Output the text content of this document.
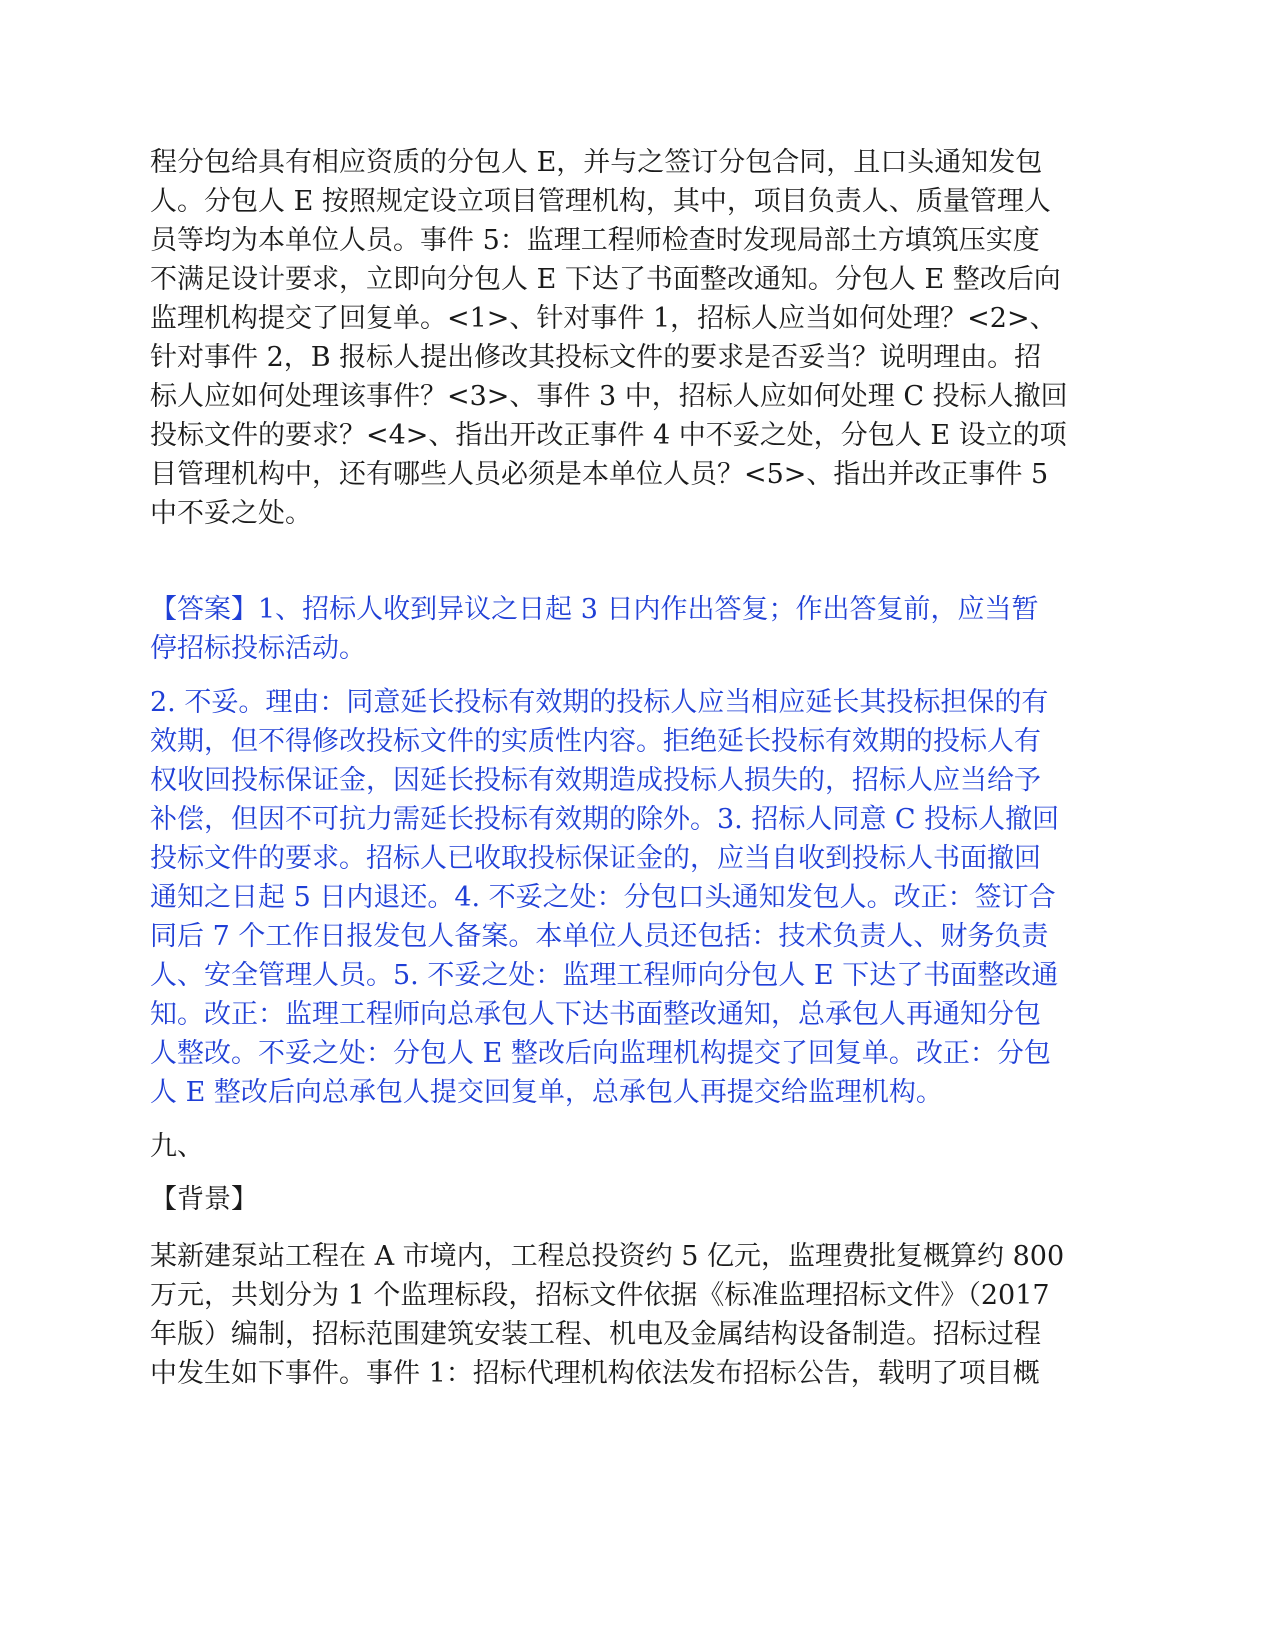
程分包给具有相应资质的分包人 E，并与之签订分包合同，且口头通知发包
人。分包人 E 按照规定设立项目管理机构，其中，项目负责人、质量管理人
员等均为本单位人员。事件 5：监理工程师检查时发现局部土方填筑压实度
不满足设计要求，立即向分包人 E 下达了书面整改通知。分包人 E 整改后向
监理机构提交了回复单。<1>、针对事件 1，招标人应当如何处理？<2>、
针对事件 2，B 报标人提出修改其投标文件的要求是否妥当？说明理由。招
标人应如何处理该事件？<3>、事件 3 中，招标人应如何处理 C 投标人撤回
投标文件的要求？<4>、指出开改正事件 4 中不妥之处，分包人 E 设立的项
目管理机构中，还有哪些人员必须是本单位人员？<5>、指出并改正事件 5
中不妥之处。
【答案】1、招标人收到异议之日起 3 日内作出答复；作出答复前，应当暂
停招标投标活动。
2. 不妥。理由：同意延长投标有效期的投标人应当相应延长其投标担保的有
效期，但不得修改投标文件的实质性内容。拒绝延长投标有效期的投标人有
权收回投标保证金，因延长投标有效期造成投标人损失的，招标人应当给予
补偿，但因不可抗力需延长投标有效期的除外。3. 招标人同意 C 投标人撤回
投标文件的要求。招标人已收取投标保证金的，应当自收到投标人书面撤回
通知之日起 5 日内退还。4. 不妥之处：分包口头通知发包人。改正：签订合
同后 7 个工作日报发包人备案。本单位人员还包括：技术负责人、财务负责
人、安全管理人员。5. 不妥之处：监理工程师向分包人 E 下达了书面整改通
知。改正：监理工程师向总承包人下达书面整改通知，总承包人再通知分包
人整改。不妥之处：分包人 E 整改后向监理机构提交了回复单。改正：分包
人 E 整改后向总承包人提交回复单，总承包人再提交给监理机构。
九、
【背景】
某新建泵站工程在 A 市境内，工程总投资约 5 亿元，监理费批复概算约 800
万元，共划分为 1 个监理标段，招标文件依据《标准监理招标文件》（2017
年版）编制，招标范围建筑安装工程、机电及金属结构设备制造。招标过程
中发生如下事件。事件 1：招标代理机构依法发布招标公告，载明了项目概
